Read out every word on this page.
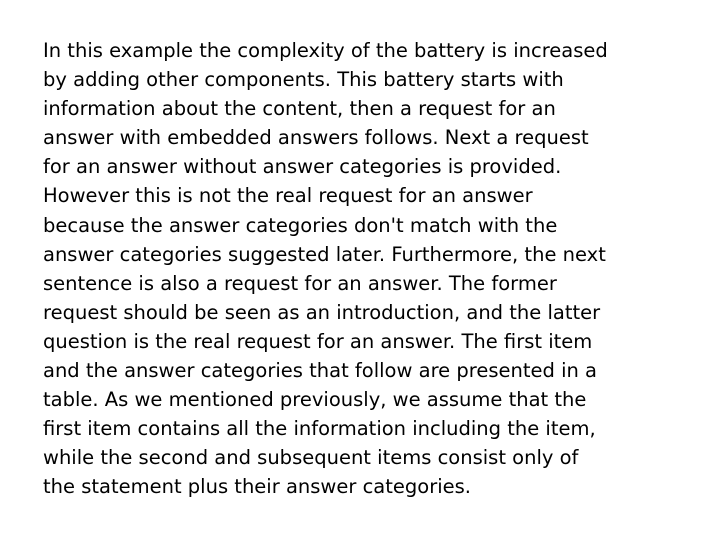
In this example the complexity of the battery is increased
by adding other components. This battery starts with
information about the content, then a request for an
answer with embedded answers follows. Next a request
for an answer without answer categories is provided.
However this is not the real request for an answer
because the answer categories don't match with the
answer categories suggested later. Furthermore, the next
sentence is also a request for an answer. The former
request should be seen as an introduction, and the latter
question is the real request for an answer. The first item
and the answer categories that follow are presented in a
table. As we mentioned previously, we assume that the
first item contains all the information including the item,
while the second and subsequent items consist only of
the statement plus their answer categories.
